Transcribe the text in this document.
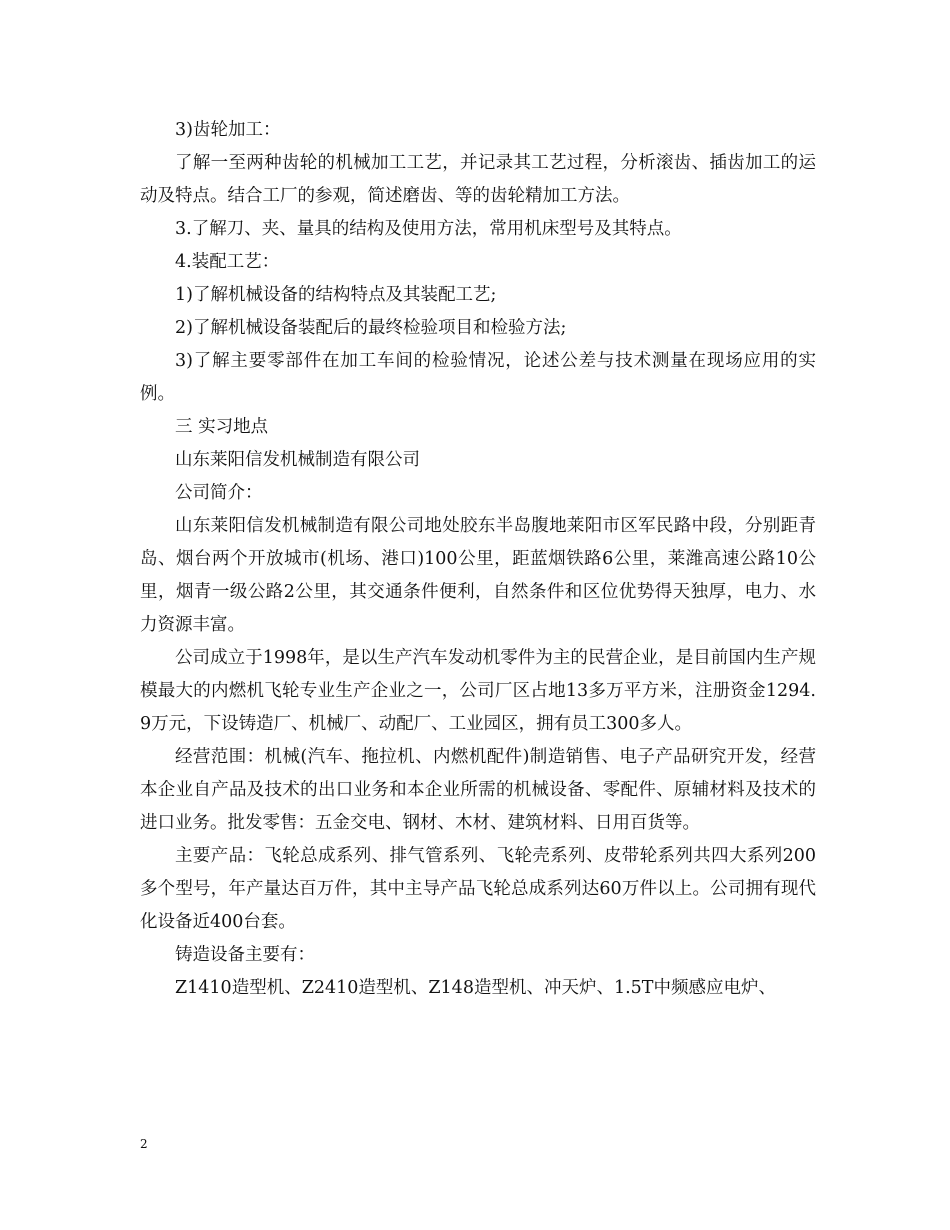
3)齿轮加工：

了解一至两种齿轮的机械加工工艺，并记录其工艺过程，分析滚齿、插齿加工的运动及特点。结合工厂的参观，简述磨齿、等的齿轮精加工方法。

3.了解刀、夹、量具的结构及使用方法，常用机床型号及其特点。

4.装配工艺：

1)了解机械设备的结构特点及其装配工艺;

2)了解机械设备装配后的最终检验项目和检验方法;

3)了解主要零部件在加工车间的检验情况，论述公差与技术测量在现场应用的实例。

三 实习地点

山东莱阳信发机械制造有限公司

公司简介：

山东莱阳信发机械制造有限公司地处胶东半岛腹地莱阳市区军民路中段，分别距青岛、烟台两个开放城市(机场、港口)100公里，距蓝烟铁路6公里，莱潍高速公路10公里，烟青一级公路2公里，其交通条件便利，自然条件和区位优势得天独厚，电力、水力资源丰富。

公司成立于1998年，是以生产汽车发动机零件为主的民营企业，是目前国内生产规模最大的内燃机飞轮专业生产企业之一，公司厂区占地13多万平方米，注册资金1294.9万元，下设铸造厂、机械厂、动配厂、工业园区，拥有员工300多人。

经营范围：机械(汽车、拖拉机、内燃机配件)制造销售、电子产品研究开发，经营本企业自产品及技术的出口业务和本企业所需的机械设备、零配件、原辅材料及技术的进口业务。批发零售：五金交电、钢材、木材、建筑材料、日用百货等。

主要产品：飞轮总成系列、排气管系列、飞轮壳系列、皮带轮系列共四大系列200多个型号，年产量达百万件，其中主导产品飞轮总成系列达60万件以上。公司拥有现代化设备近400台套。

铸造设备主要有：

Z1410造型机、Z2410造型机、Z148造型机、冲天炉、1.5T中频感应电炉、

2
